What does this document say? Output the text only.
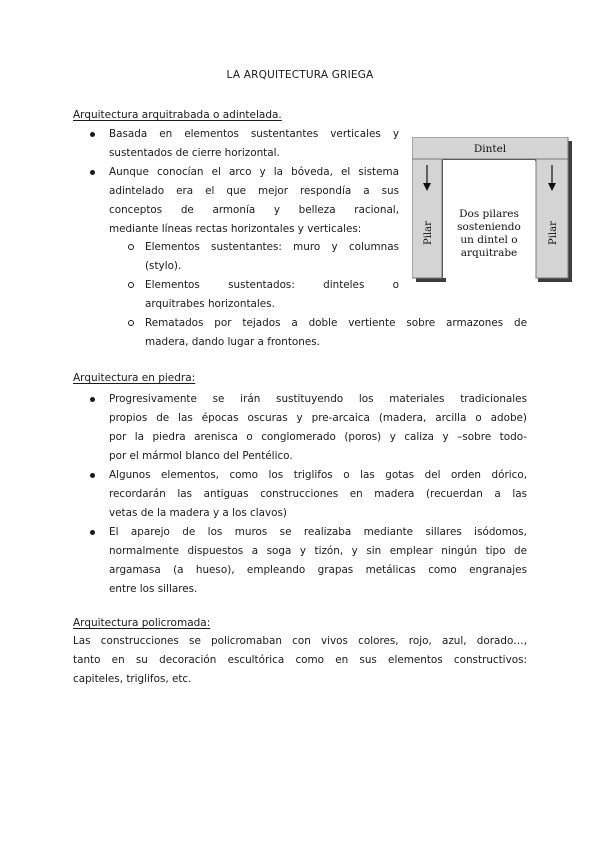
LA ARQUITECTURA GRIEGA
Arquitectura arquitrabada o adintelada.
Basada en elementos sustentantes verticales y
sustentados de cierre horizontal.
Aunque conocían el arco y la bóveda, el sistema
adintelado era el que mejor respondía a sus
conceptos de armonía y belleza racional,
mediante líneas rectas horizontales y verticales:
Elementos sustentantes: muro y columnas
(stylo).
Elementos sustentados: dinteles o
arquitrabes horizontales.
Rematados por tejados a doble vertiente sobre armazones de
madera, dando lugar a frontones.
Dintel
Pilar	Pilar
Dos pilares
sosteniendo
un dintel o
arquitrabe
Arquitectura en piedra:
Progresivamente se irán sustituyendo los materiales tradicionales
propios de las épocas oscuras y pre-arcaica (madera, arcilla o adobe)
por la piedra arenisca o conglomerado (poros) y caliza y –sobre todo-
por el mármol blanco del Pentélico.
Algunos elementos, como los triglifos o las gotas del orden dórico,
recordarán las antiguas construcciones en madera (recuerdan a las
vetas de la madera y a los clavos)
El aparejo de los muros se realizaba mediante sillares isódomos,
normalmente dispuestos a soga y tizón, y sin emplear ningún tipo de
argamasa (a hueso), empleando grapas metálicas como engranajes
entre los sillares.
Arquitectura policromada:
Las construcciones se policromaban con vivos colores, rojo, azul, dorado…,
tanto en su decoración escultórica como en sus elementos constructivos:
capiteles, triglifos, etc.
